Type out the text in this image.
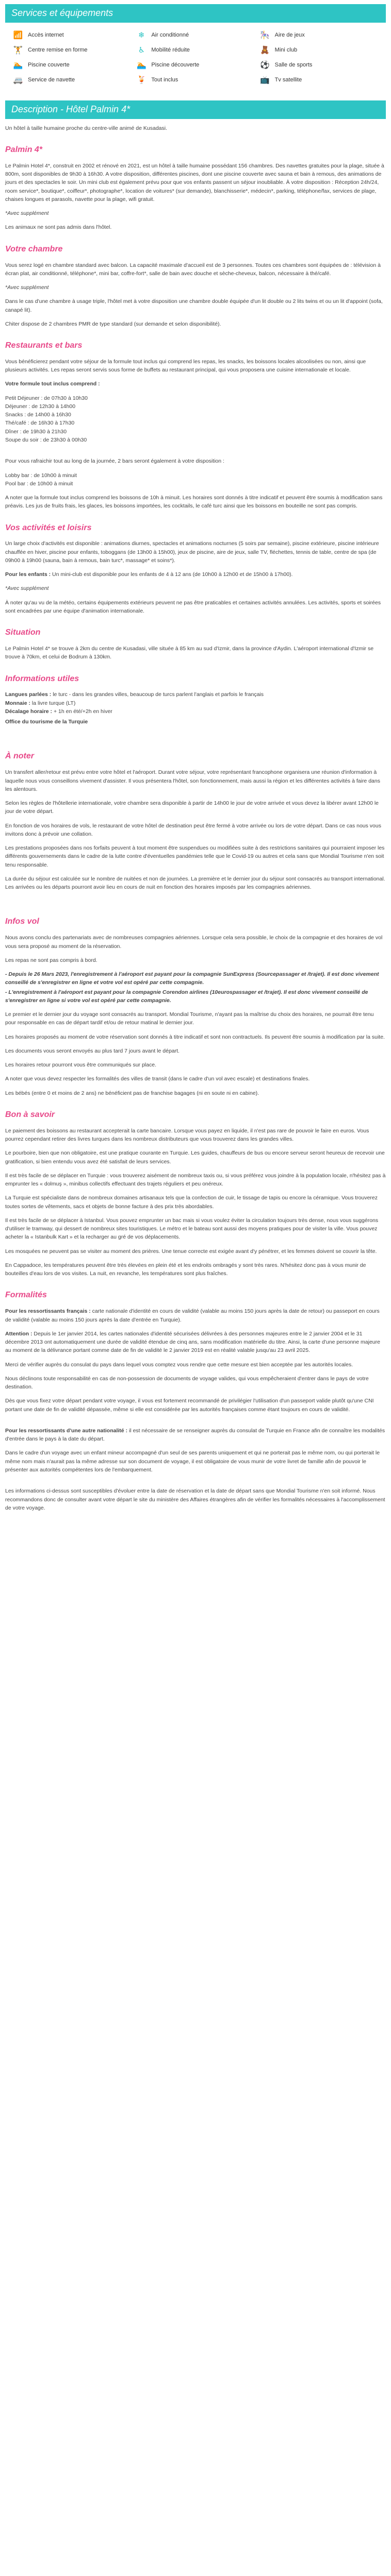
Services et équipements
📶 Accès internet	❄	Air conditionné	🎠 Aire de jeux
🏋 Centre remise en forme	♿	Mobilité réduite	🧸 Mini club
🏊 Piscine couverte	🏊 Piscine découverte	⚽ Salle de sports
🚐 Service de navette	🍹 Tout inclus	📺 Tv satellite
Description - Hôtel Palmin 4*

Un hôtel à taille humaine proche du centre-ville animé de Kusadasi.

Palmin 4*

Le Palmin Hotel 4*, construit en 2002 et rénové en 2021, est un hôtel à taille humaine possédant 156 chambres. Des navettes gratuites pour la plage, située à 800m, sont disponibles de 9h30 à 16h30. A votre disposition, différentes piscines, dont une piscine couverte avec sauna et bain à remous, des animations de jours et des spectacles le soir. Un mini club est également prévu pour que vos enfants passent un séjour inoubliable. À votre disposition : Réception 24h/24, room service*, boutique*, coiffeur*, photographe*, location de voitures* (sur demande), blanchisserie*, médecin*, parking, téléphone/fax, services de plage, chaises longues et parasols, navette pour la plage, wifi gratuit.

*Avec supplément

Les animaux ne sont pas admis dans l'hôtel.

Votre chambre

Vous serez logé en chambre standard avec balcon. La capacité maximale d'accueil est de 3 personnes. Toutes ces chambres sont équipées de : télévision à écran plat, air conditionné, téléphone*, mini bar, coffre-fort*, salle de bain avec douche et sèche-cheveux, balcon, nécessaire à thé/café.

*Avec supplément

Dans le cas d'une chambre à usage triple, l'hôtel met à votre disposition une chambre double équipée d'un lit double ou 2 lits twins et ou un lit d'appoint (sofa, canapé lit).

Chiter dispose de 2 chambres PMR de type standard (sur demande et selon disponibilité).

Restaurants et bars

Vous bénéficierez pendant votre séjour de la formule tout inclus qui comprend les repas, les snacks, les boissons locales alcoolisées ou non, ainsi que plusieurs activités. Les repas seront servis sous forme de buffets au restaurant principal, qui vous proposera une cuisine internationale et locale.

Votre formule tout inclus comprend :

Petit Déjeuner : de 07h30 à 10h30
Déjeuner : de 12h30 à 14h00
Snacks : de 14h00 à 16h30
Thé/café : de 16h30 à 17h30
Dîner : de 19h30 à 21h30
Soupe du soir : de 23h30 à 00h30

Pour vous rafraichir tout au long de la journée, 2 bars seront également à votre disposition :

Lobby bar : de 10h00 à minuit
Pool bar : de 10h00 à minuit

A noter que la formule tout inclus comprend les boissons de 10h à minuit. Les horaires sont donnés à titre indicatif et peuvent être soumis à modification sans préavis. Les jus de fruits frais, les glaces, les boissons importées, les cocktails, le café turc ainsi que les boissons en bouteille ne sont pas compris.

Vos activités et loisirs

Un large choix d'activités est disponible : animations diurnes, spectacles et animations nocturnes (5 soirs par semaine), piscine extérieure, piscine intérieure chauffée en hiver, piscine pour enfants, toboggans (de 13h00 à 15h00), jeux de piscine, aire de jeux, salle TV, fléchettes, tennis de table, centre de spa (de 09h00 à 19h00 (sauna, bain à remous, bain turc*, massage* et soins*).

Pour les enfants : Un mini-club est disponible pour les enfants de 4 à 12 ans (de 10h00 à 12h00 et de 15h00 à 17h00).

*Avec supplément

À noter qu'au vu de la météo, certains équipements extérieurs peuvent ne pas être praticables et certaines activités annulées. Les activités, sports et soirées sont encadrées par une équipe d'animation internationale.

Situation

Le Palmin Hotel 4* se trouve à 2km du centre de Kusadasi, ville située à 85 km au sud d'Izmir, dans la province d'Aydin. L'aéroport international d'Izmir se trouve à 70km, et celui de Bodrum à 130km.

Informations utiles

Langues parlées : le turc - dans les grandes villes, beaucoup de turcs parlent l'anglais et parfois le français
Monnaie : la livre turque (LT)
Décalage horaire : + 1h en été/+2h en hiver

Office du tourisme de la Turquie

À noter

Un transfert aller/retour est prévu entre votre hôtel et l'aéroport. Durant votre séjour, votre représentant francophone organisera une réunion d'information à laquelle nous vous conseillons vivement d'assister. Il vous présentera l'hôtel, son fonctionnement, mais aussi la région et les différentes activités à faire dans les alentours.

Selon les règles de l'hôtellerie internationale, votre chambre sera disponible à partir de 14h00 le jour de votre arrivée et vous devez la libérer avant 12h00 le jour de votre départ.

En fonction de vos horaires de vols, le restaurant de votre hôtel de destination peut être fermé à votre arrivée ou lors de votre départ. Dans ce cas nous vous invitons donc à prévoir une collation.

Les prestations proposées dans nos forfaits peuvent à tout moment être suspendues ou modifiées suite à des restrictions sanitaires qui pourraient imposer les différents gouvernements dans le cadre de la lutte contre d'éventuelles pandémies telle que le Covid-19 ou autres et cela sans que Mondial Tourisme n'en soit tenu responsable.

La durée du séjour est calculée sur le nombre de nuitées et non de journées. La première et le dernier jour du séjour sont consacrés au transport international. Les arrivées ou les départs pourront avoir lieu en cours de nuit en fonction des horaires imposés par les compagnies aériennes.

Infos vol

Nous avons conclu des partenariats avec de nombreuses compagnies aériennes. Lorsque cela sera possible, le choix de la compagnie et des horaires de vol vous sera proposé au moment de la réservation.

Les repas ne sont pas compris à bord.

- Depuis le 26 Mars 2023, l'enregistrement à l'aéroport est payant pour la compagnie SunExpress (Sourcepassager et /trajet). Il est donc vivement conseillé de s'enregistrer en ligne et votre vol est opéré par cette compagnie.

- L'enregistrement à l'aéroport est payant pour la compagnie Corendon airlines (10eurospassager et /trajet). Il est donc vivement conseillé de s'enregistrer en ligne si votre vol est opéré par cette compagnie.

Le premier et le dernier jour du voyage sont consacrés au transport. Mondial Tourisme, n'ayant pas la maîtrise du choix des horaires, ne pourrait être tenu pour responsable en cas de départ tardif et/ou de retour matinal le dernier jour.

Les horaires proposés au moment de votre réservation sont donnés à titre indicatif et sont non contractuels. Ils peuvent être soumis à modification par la suite.

Les documents vous seront envoyés au plus tard 7 jours avant le départ.

Les horaires retour pourront vous être communiqués sur place.

A noter que vous devez respecter les formalités des villes de transit (dans le cadre d'un vol avec escale) et destinations finales.

Les bébés (entre 0 et moins de 2 ans) ne bénéficient pas de franchise bagages (ni en soute ni en cabine).

Bon à savoir

Le paiement des boissons au restaurant accepterait la carte bancaire. Lorsque vous payez en liquide, il n'est pas rare de pouvoir le faire en euros. Vous pourrez cependant retirer des livres turques dans les nombreux distributeurs que vous trouverez dans les grandes villes.

Le pourboire, bien que non obligatoire, est une pratique courante en Turquie. Les guides, chauffeurs de bus ou encore serveur seront heureux de recevoir une gratification, si bien entendu vous avez été satisfait de leurs services.

Il est très facile de se déplacer en Turquie : vous trouverez aisément de nombreux taxis ou, si vous préférez vous joindre à la population locale, n'hésitez pas à emprunter les « dolmuş », minibus collectifs effectuant des trajets réguliers et peu onéreux.

La Turquie est spécialiste dans de nombreux domaines artisanaux tels que la confection de cuir, le tissage de tapis ou encore la céramique. Vous trouverez toutes sortes de vêtements, sacs et objets de bonne facture à des prix très abordables.

Il est très facile de se déplacer à Istanbul. Vous pouvez emprunter un bac mais si vous voulez éviter la circulation toujours très dense, nous vous suggérons d'utiliser le tramway, qui dessert de nombreux sites touristiques. Le métro et le bateau sont aussi des moyens pratiques pour de visiter la ville. Vous pouvez acheter la « Istanbulk Kart » et la recharger au gré de vos déplacements.

Les mosquées ne peuvent pas se visiter au moment des prières. Une tenue correcte est exigée avant d'y pénétrer, et les femmes doivent se couvrir la tête.

En Cappadoce, les températures peuvent être très élevées en plein été et les endroits ombragés y sont très rares. N'hésitez donc pas à vous munir de bouteilles d'eau lors de vos visites. La nuit, en revanche, les températures sont plus fraîches.

Formalités

Pour les ressortissants français : carte nationale d'identité en cours de validité (valable au moins 150 jours après la date de retour) ou passeport en cours de validité (valable au moins 150 jours après la date d'entrée en Turquie).

Attention : Depuis le 1er janvier 2014, les cartes nationales d'identité sécurisées délivrées à des personnes majeures entre le 2 janvier 2004 et le 31 décembre 2013 ont automatiquement une durée de validité étendue de cinq ans, sans modification matérielle du titre. Ainsi, la carte d'une personne majeure au moment de la délivrance portant comme date de fin de validité le 2 janvier 2019 est en réalité valable jusqu'au 23 avril 2025.

Merci de vérifier auprès du consulat du pays dans lequel vous comptez vous rendre que cette mesure est bien acceptée par les autorités locales.

Nous déclinons toute responsabilité en cas de non-possession de documents de voyage valides, qui vous empêcheraient d'entrer dans le pays de votre destination.

Dès que vous fixez votre départ pendant votre voyage, il vous est fortement recommandé de privilégier l'utilisation d'un passeport valide plutôt qu'une CNI portant une date de fin de validité dépassée, même si elle est considérée par les autorités françaises comme étant toujours en cours de validité.

Pour les ressortissants d'une autre nationalité : il est nécessaire de se renseigner auprès du consulat de Turquie en France afin de connaître les modalités d'entrée dans le pays à la date du départ.

Dans le cadre d'un voyage avec un enfant mineur accompagné d'un seul de ses parents uniquement et qui ne porterait pas le même nom, ou qui porterait le même nom mais n'aurait pas la même adresse sur son document de voyage, il est obligatoire de vous munir de votre livret de famille afin de pouvoir le présenter aux autorités compétentes lors de l'embarquement.

Les informations ci-dessus sont susceptibles d'évoluer entre la date de réservation et la date de départ sans que Mondial Tourisme n'en soit informé. Nous recommandons donc de consulter avant votre départ le site du ministère des Affaires étrangères afin de vérifier les formalités nécessaires à l'accomplissement de votre voyage.
